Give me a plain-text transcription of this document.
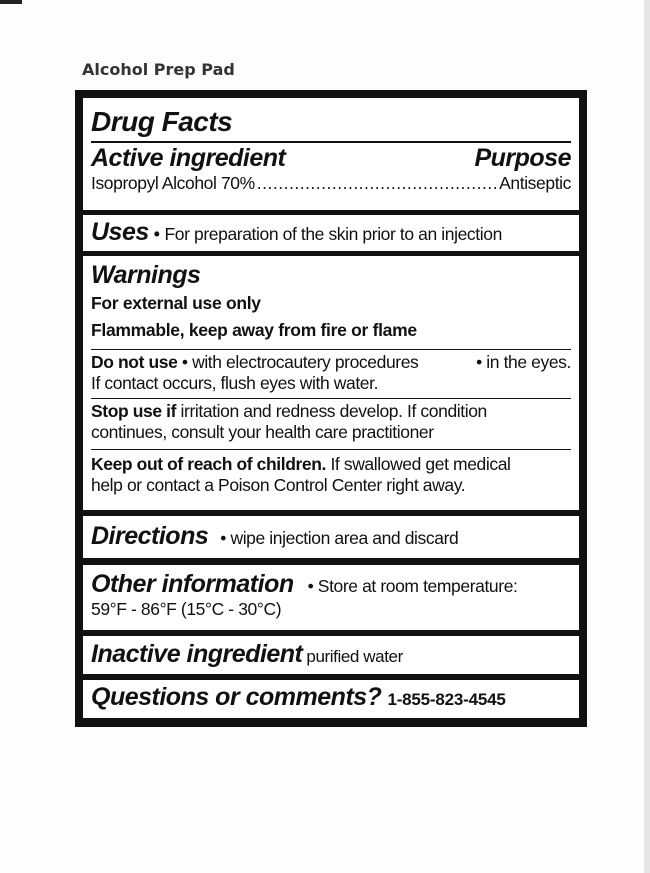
Alcohol Prep Pad
Drug Facts
Active ingredient	Purpose
Isopropyl Alcohol 70%
.....	Antiseptic
Uses • For preparation of the skin prior to an injection
Warnings
For external use only
Flammable, keep away from fire or flame
Do not use • with electrocautery procedures	• in the eyes.
If contact occurs, flush eyes with water.
Stop use if irritation and redness develop. If condition
continues, consult your health care practitioner
Keep out of reach of children. If swallowed get medical
help or contact a Poison Control Center right away.
Directions • wipe injection area and discard
Other information • Store at room temperature:
59°F - 86°F (15°C - 30°C)
Inactive ingredient purified water
Questions or comments? 1-855-823-4545
